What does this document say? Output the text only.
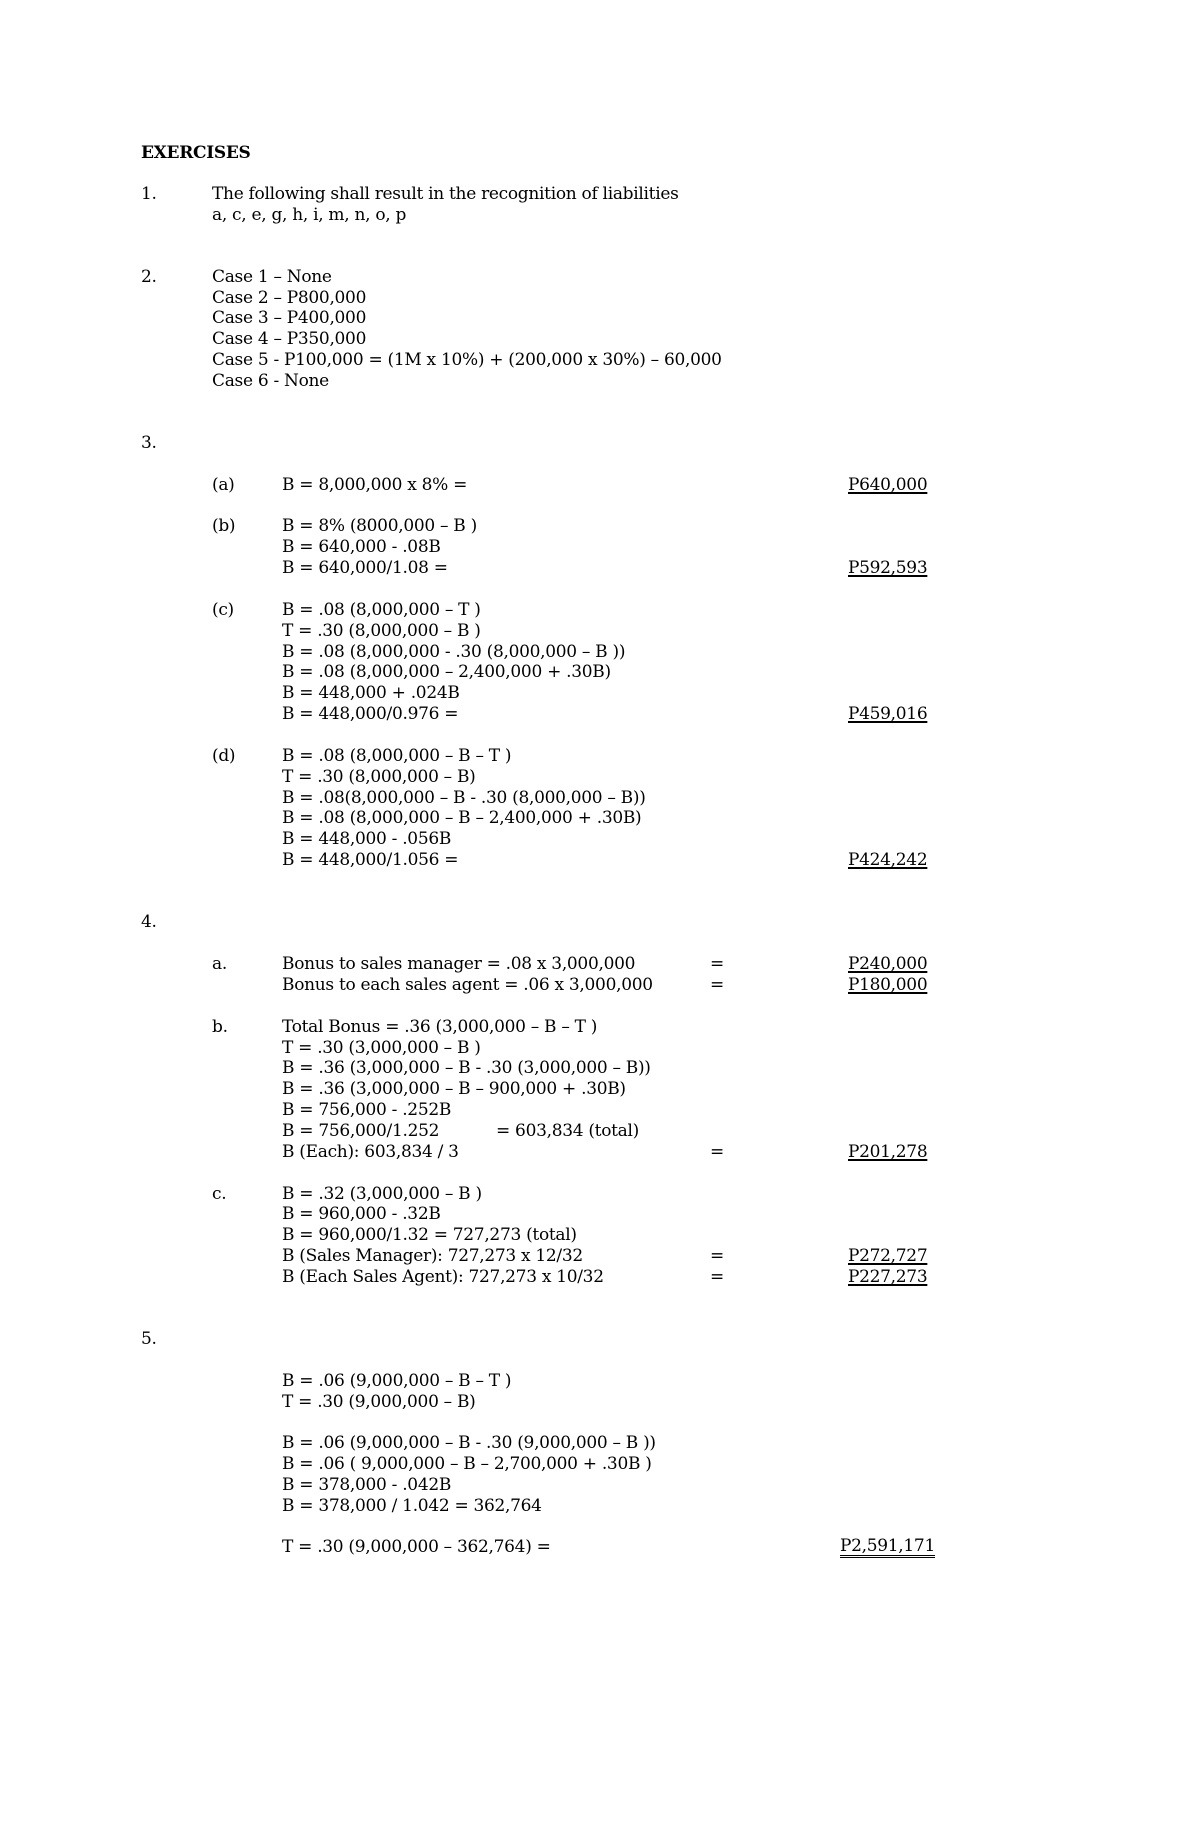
EXERCISES
1.	The following shall result in the recognition of liabilities
a, c, e, g, h, i, m, n, o, p
2.	Case 1 – None
Case 2 – P800,000
Case 3 – P400,000
Case 4 – P350,000
Case 5 - P100,000 = (1M x 10%) + (200,000 x 30%) – 60,000
Case 6 - None
3.
(a)	B = 8,000,000 x 8% =	P640,000
(b)	B = 8% (8000,000 – B )
B = 640,000 - .08B
B = 640,000/1.08 =	P592,593
(c)	B = .08 (8,000,000 – T )
T = .30 (8,000,000 – B )
B = .08 (8,000,000 - .30 (8,000,000 – B ))
B = .08 (8,000,000 – 2,400,000 + .30B)
B = 448,000 + .024B
B = 448,000/0.976 =	P459,016
(d)	B = .08 (8,000,000 – B – T )
T = .30 (8,000,000 – B)
B = .08(8,000,000 – B - .30 (8,000,000 – B))
B = .08 (8,000,000 – B – 2,400,000 + .30B)
B = 448,000 - .056B
B = 448,000/1.056 =	P424,242
4.
a.	Bonus to sales manager = .08 x 3,000,000	=	P240,000
Bonus to each sales agent = .06 x 3,000,000	=	P180,000
b.	Total Bonus = .36 (3,000,000 – B – T )
T = .30 (3,000,000 – B )
B = .36 (3,000,000 – B - .30 (3,000,000 – B))
B = .36 (3,000,000 – B – 900,000 + .30B)
B = 756,000 - .252B
B = 756,000/1.252	= 603,834 (total)
B (Each): 603,834 / 3	=	P201,278
c.	B = .32 (3,000,000 – B )
B = 960,000 - .32B
B = 960,000/1.32 = 727,273 (total)
B (Sales Manager): 727,273 x 12/32	=	P272,727
B (Each Sales Agent): 727,273 x 10/32	=	P227,273
5.
B = .06 (9,000,000 – B – T )
T = .30 (9,000,000 – B)
B = .06 (9,000,000 – B - .30 (9,000,000 – B ))
B = .06 ( 9,000,000 – B – 2,700,000 + .30B )
B = 378,000 - .042B
B = 378,000 / 1.042 = 362,764
T = .30 (9,000,000 – 362,764) =	P2,591,171
